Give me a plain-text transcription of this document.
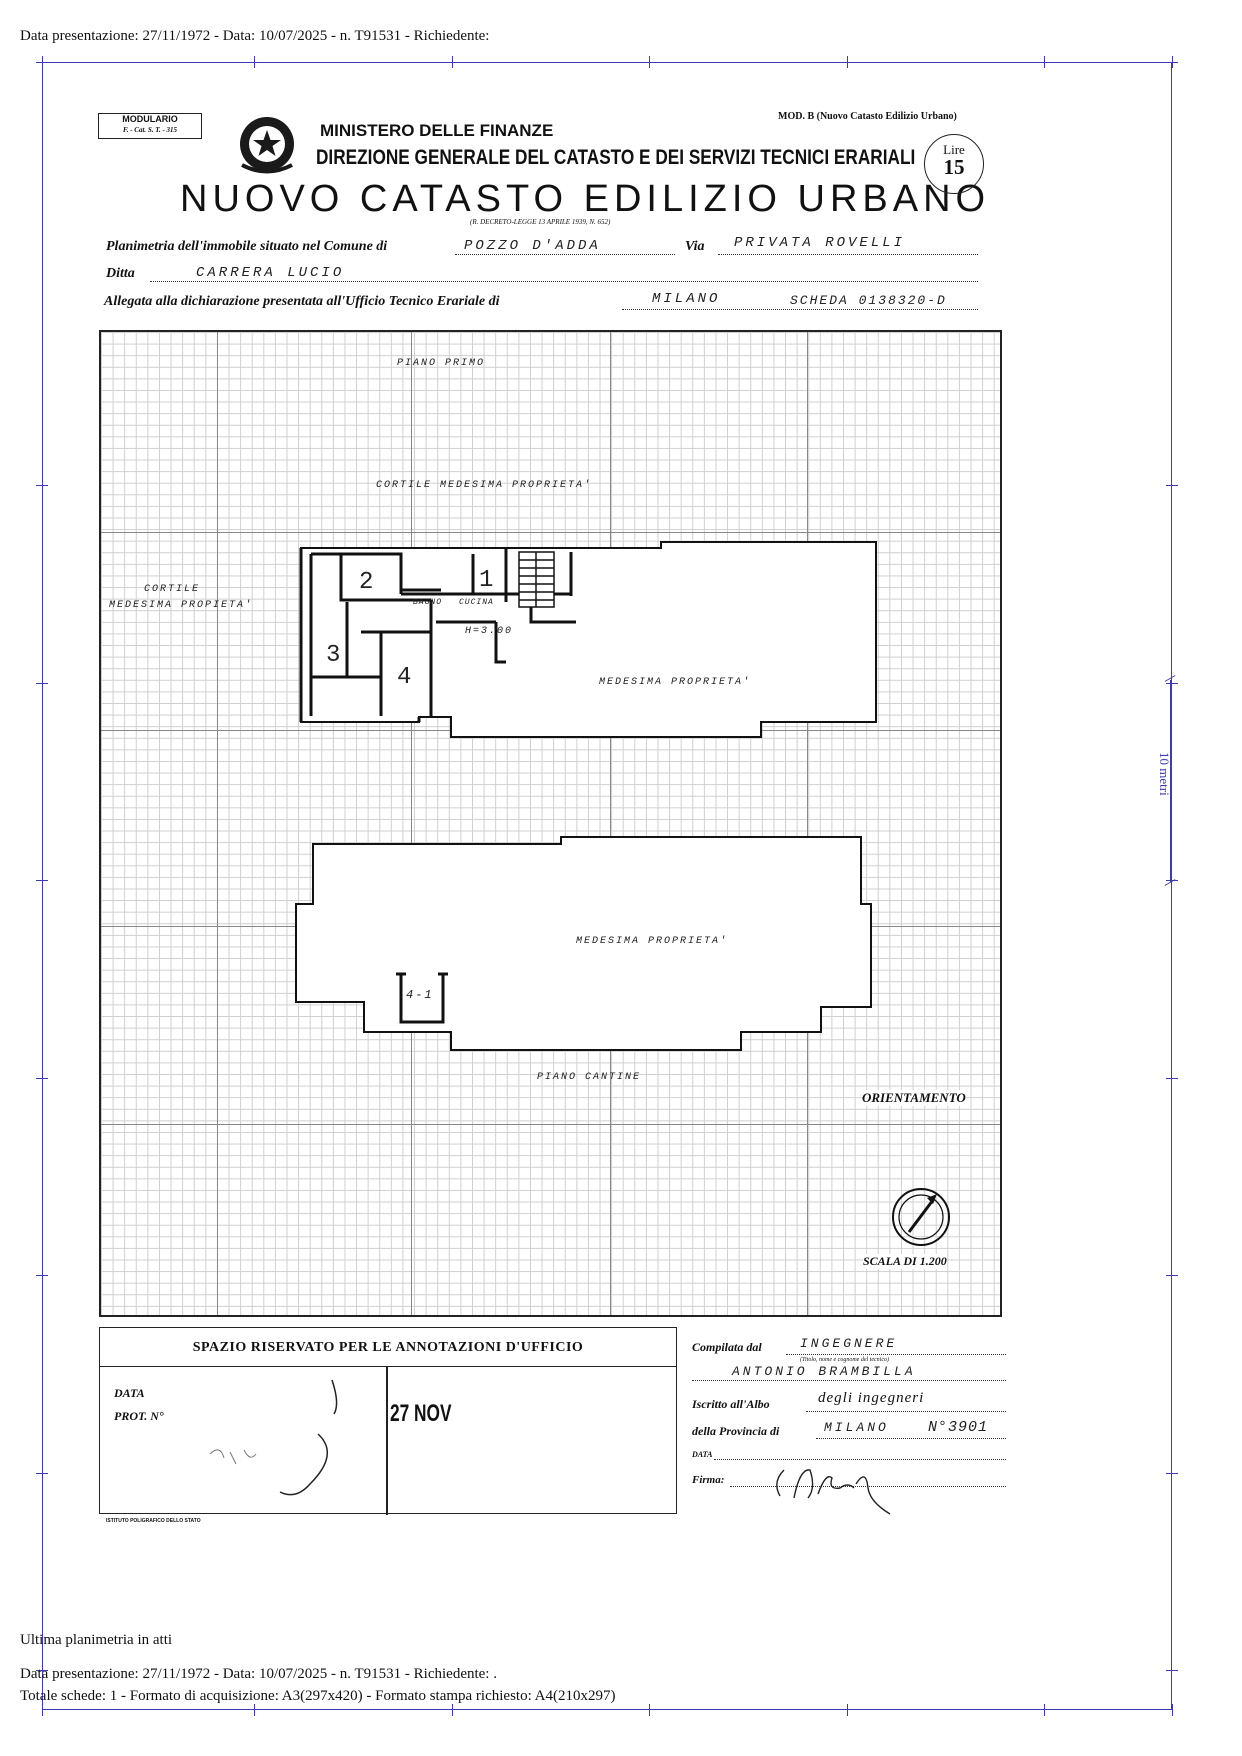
Data presentazione: 27/11/1972 - Data: 10/07/2025 - n. T91531 - Richiedente:
10 metri
MODULARIO
F. - Cat. S. T. - 315	MINISTERO DELLE FINANZE
DIREZIONE GENERALE DEL CATASTO E DEI SERVIZI TECNICI ERARIALI
NUOVO CATASTO EDILIZIO URBANO
(R. DECRETO-LEGGE 13 APRILE 1939, N. 652)
MOD. B (Nuovo Catasto Edilizio Urbano)
Lire
15
Planimetria dell'immobile situato nel Comune di	POZZO D'ADDA	Via PRIVATA ROVELLI
Ditta	CARRERA LUCIO
Allegata alla dichiarazione presentata all'Ufficio Tecnico Erariale di	MILANO	SCHEDA 0138320-D
PIANO PRIMO
CORTILE MEDESIMA PROPRIETA'
CORTILE
MEDESIMA PROPIETA'
MEDESIMA PROPRIETA'
MEDESIMA PROPRIETA'
PIANO CANTINE
2	1
3
4
BAGNO CUCINA
H=3.00
4-1
ORIENTAMENTO
SCALA DI 1.200
SPAZIO RISERVATO PER LE ANNOTAZIONI D'UFFICIO
DATA
PROT. N°	27 NOV
ISTITUTO POLIGRAFICO DELLO STATO
Compilata dal	INGEGNERE
(Titolo, nome e cognome del tecnico)
ANTONIO BRAMBILLA
Iscritto all'Albo	degli ingegneri
della Provincia di	MILANO	N°3901
DATA
Firma:
Ultima planimetria in atti
Data presentazione: 27/11/1972 - Data: 10/07/2025 - n. T91531 - Richiedente: .
Totale schede: 1 - Formato di acquisizione: A3(297x420) - Formato stampa richiesto: A4(210x297)
